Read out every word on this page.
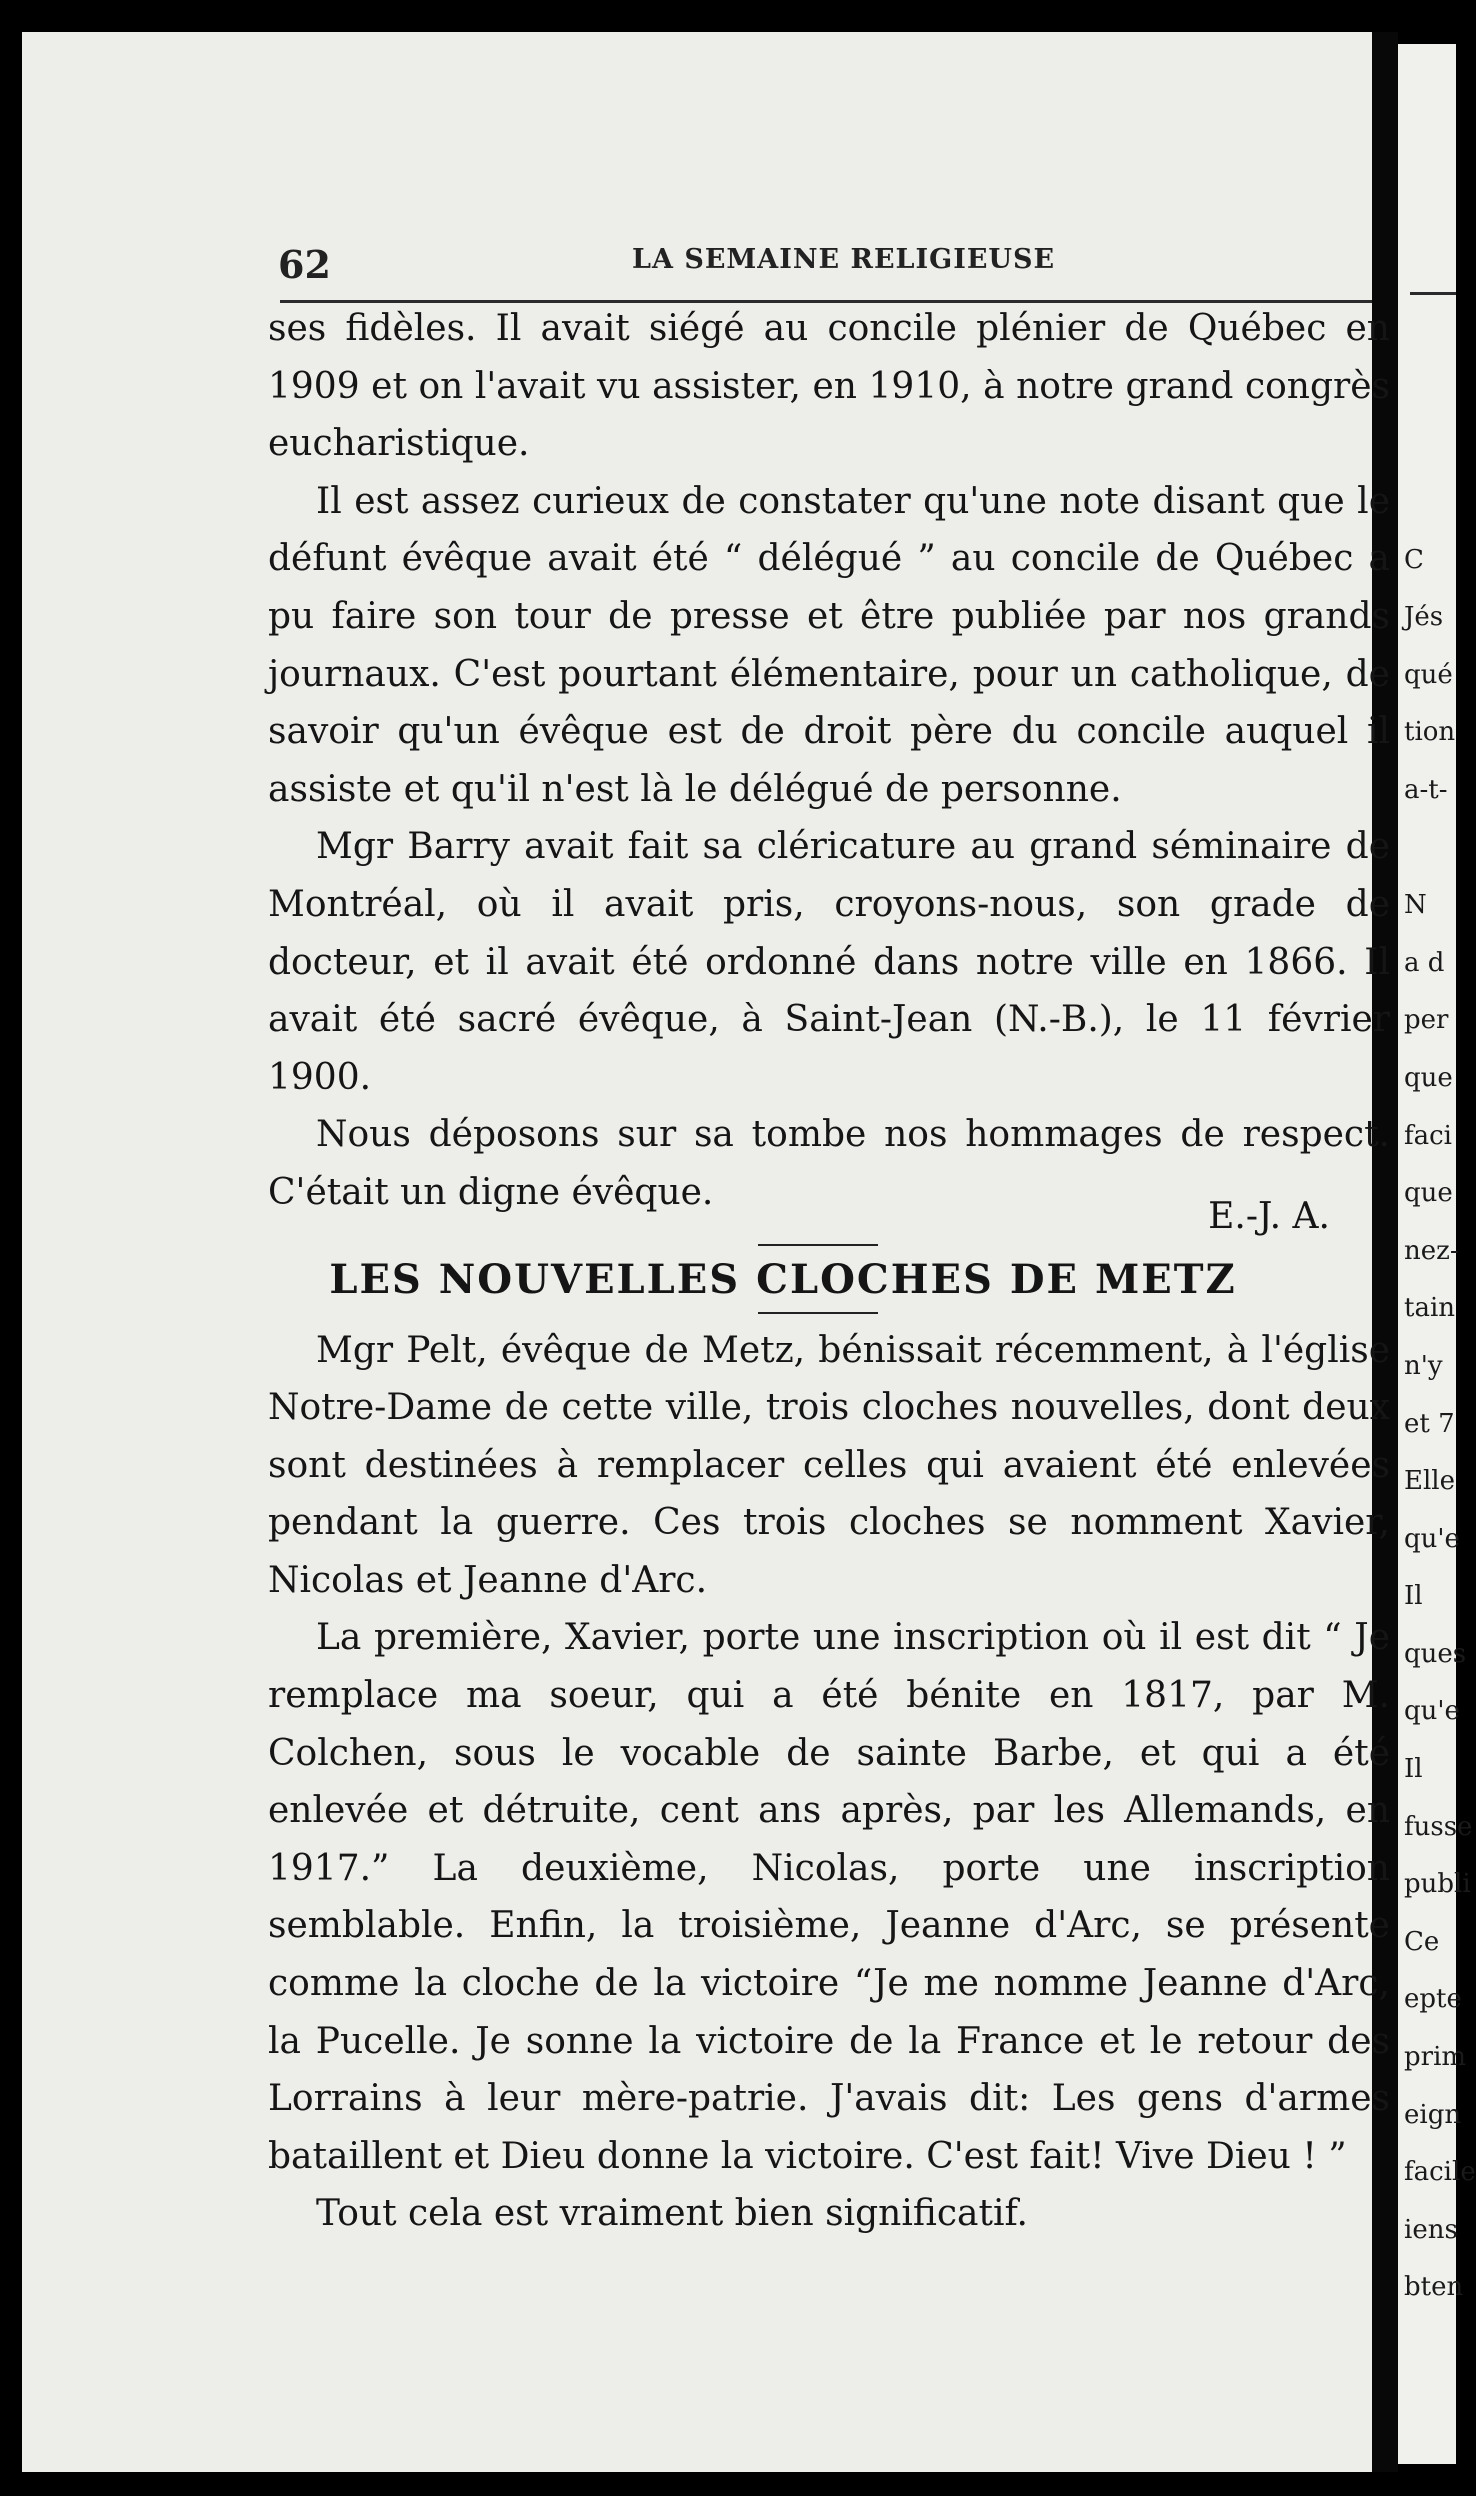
62	LA SEMAINE RELIGIEUSE

C
Jés
qué
tion
a-t-

N
a d
per
que
faci
que
nez-
tain
n'y
et 7
Elle
qu'e
Il
ques
qu'e
Il
fusse
publi
Ce
epte
prim
eign
facile
iens
bten

ses fidèles. Il avait siégé au concile plénier de Québec en 1909 et on l'avait vu assister, en 1910, à notre grand congrès eucharistique.

Il est assez curieux de constater qu'une note disant que le défunt évêque avait été “ délégué ” au concile de Québec a pu faire son tour de presse et être publiée par nos grands journaux. C'est pourtant élémentaire, pour un catholique, de savoir qu'un évêque est de droit père du concile auquel il assiste et qu'il n'est là le délégué de personne.

Mgr Barry avait fait sa cléricature au grand séminaire de Montréal, où il avait pris, croyons-nous, son grade de docteur, et il avait été ordonné dans notre ville en 1866. Il avait été sacré évêque, à Saint-Jean (N.-B.), le 11 février 1900.

Nous déposons sur sa tombe nos hommages de respect. C'était un digne évêque.

E.-J. A.
LES NOUVELLES CLOCHES DE METZ

Mgr Pelt, évêque de Metz, bénissait récemment, à l'église Notre-Dame de cette ville, trois cloches nouvelles, dont deux sont destinées à remplacer celles qui avaient été enlevées pendant la guerre. Ces trois cloches se nomment Xavier, Nicolas et Jeanne d'Arc.

La première, Xavier, porte une inscription où il est dit “ Je remplace ma soeur, qui a été bénite en 1817, par M. Colchen, sous le vocable de sainte Barbe, et qui a été enlevée et détruite, cent ans après, par les Allemands, en 1917.” La deuxième, Nicolas, porte une inscription semblable. Enfin, la troisième, Jeanne d'Arc, se présente comme la cloche de la victoire “Je me nomme Jeanne d'Arc, la Pucelle. Je sonne la victoire de la France et le retour des Lorrains à leur mère-patrie. J'avais dit: Les gens d'armes bataillent et Dieu donne la victoire. C'est fait! Vive Dieu ! ”

Tout cela est vraiment bien significatif.
